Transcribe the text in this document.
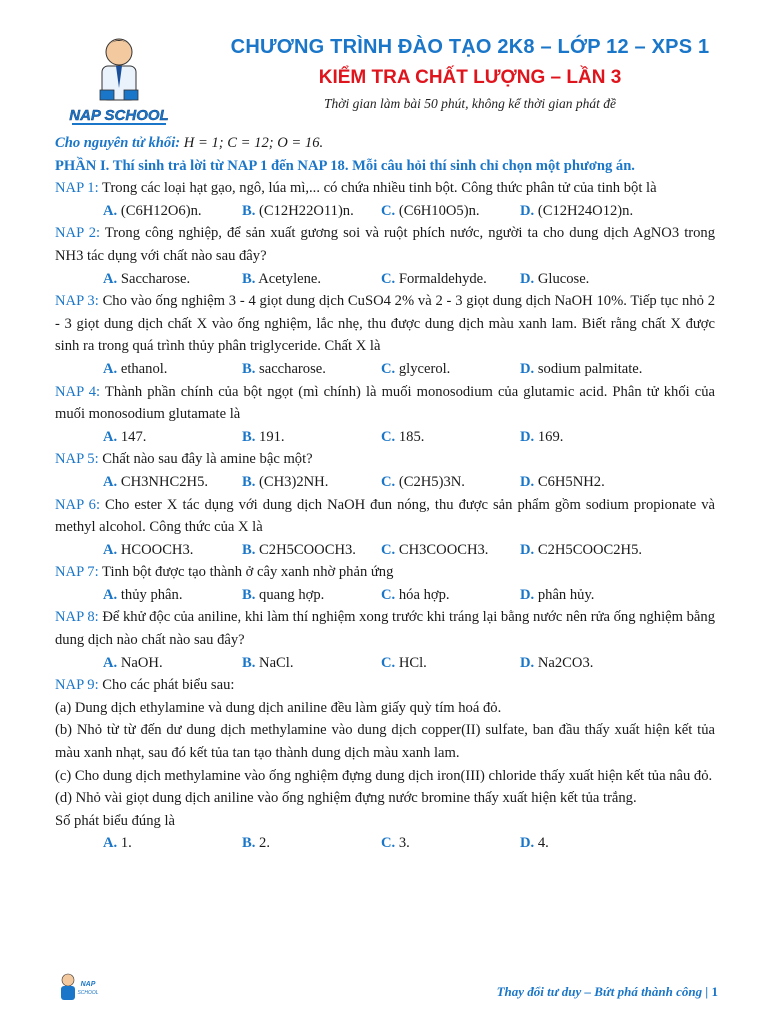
NAP SCHOOL
CHƯƠNG TRÌNH ĐÀO TẠO 2K8 – LỚP 12 – XPS 1
KIỂM TRA CHẤT LƯỢNG – LẦN 3
Thời gian làm bài 50 phút, không kể thời gian phát đề

Cho nguyên tử khối: H = 1; C = 12; O = 16.

PHẦN I. Thí sinh trả lời từ NAP 1 đến NAP 18. Mỗi câu hỏi thí sinh chỉ chọn một phương án.

NAP 1: Trong các loại hạt gạo, ngô, lúa mì,... có chứa nhiều tinh bột. Công thức phân tử của tinh bột là

A. (C6H12O6)n.	B. (C12H22O11)n.	C. (C6H10O5)n.	D. (C12H24O12)n.

NAP 2: Trong công nghiệp, để sản xuất gương soi và ruột phích nước, người ta cho dung dịch AgNO3 trong NH3 tác dụng với chất nào sau đây?

A. Saccharose.	B. Acetylene.	C. Formaldehyde.	D. Glucose.

NAP 3: Cho vào ống nghiệm 3 - 4 giọt dung dịch CuSO4 2% và 2 - 3 giọt dung dịch NaOH 10%. Tiếp tục nhỏ 2 - 3 giọt dung dịch chất X vào ống nghiệm, lắc nhẹ, thu được dung dịch màu xanh lam. Biết rằng chất X được sinh ra trong quá trình thủy phân triglyceride. Chất X là

A. ethanol.	B. saccharose.	C. glycerol.	D. sodium palmitate.

NAP 4: Thành phần chính của bột ngọt (mì chính) là muối monosodium của glutamic acid. Phân tử khối của muối monosodium glutamate là

A. 147.	B. 191.	C. 185.	D. 169.

NAP 5: Chất nào sau đây là amine bậc một?

A. CH3NHC2H5.	B. (CH3)2NH.	C. (C2H5)3N.	D. C6H5NH2.

NAP 6: Cho ester X tác dụng với dung dịch NaOH đun nóng, thu được sản phẩm gồm sodium propionate và methyl alcohol. Công thức của X là

A. HCOOCH3.	B. C2H5COOCH3.	C. CH3COOCH3.	D. C2H5COOC2H5.

NAP 7: Tinh bột được tạo thành ở cây xanh nhờ phản ứng

A. thủy phân.	B. quang hợp.	C. hóa hợp.	D. phân hủy.

NAP 8: Để khử độc của aniline, khi làm thí nghiệm xong trước khi tráng lại bằng nước nên rửa ống nghiệm bằng dung dịch nào chất nào sau đây?

A. NaOH.	B. NaCl.	C. HCl.	D. Na2CO3.

NAP 9: Cho các phát biểu sau:

(a) Dung dịch ethylamine và dung dịch aniline đều làm giấy quỳ tím hoá đỏ.

(b) Nhỏ từ từ đến dư dung dịch methylamine vào dung dịch copper(II) sulfate, ban đầu thấy xuất hiện kết tủa màu xanh nhạt, sau đó kết tủa tan tạo thành dung dịch màu xanh lam.

(c) Cho dung dịch methylamine vào ống nghiệm đựng dung dịch iron(III) chloride thấy xuất hiện kết tủa nâu đỏ.

(d) Nhỏ vài giọt dung dịch aniline vào ống nghiệm đựng nước bromine thấy xuất hiện kết tủa trắng.

Số phát biểu đúng là

A. 1.	B. 2.	C. 3.	D. 4.
NAP
SCHOOL	Thay đổi tư duy – Bứt phá thành công | 1
